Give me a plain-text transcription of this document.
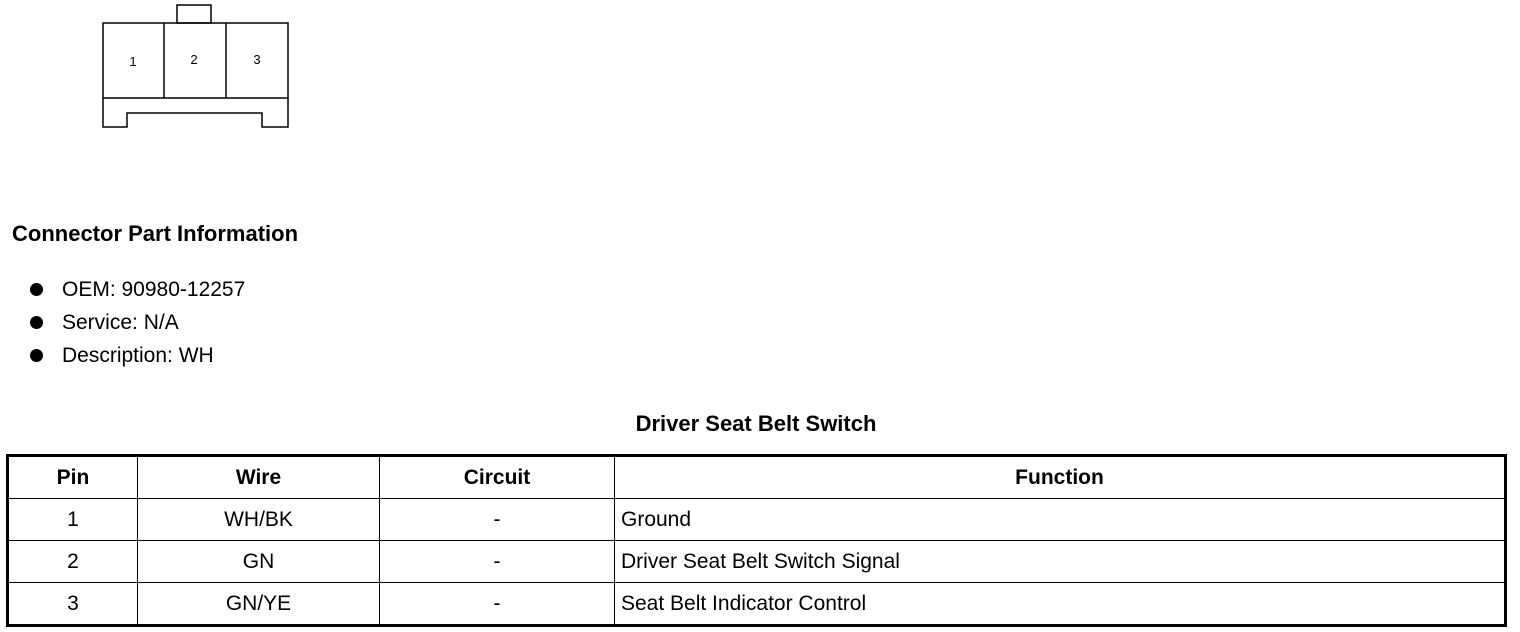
1	2	3
Connector Part Information
OEM: 90980-12257
Service: N/A
Description: WH
Driver Seat Belt Switch
Pin	Wire	Circuit	Function
1	WH/BK	-	Ground
2	GN	-	Driver Seat Belt Switch Signal
3	GN/YE	-	Seat Belt Indicator Control
